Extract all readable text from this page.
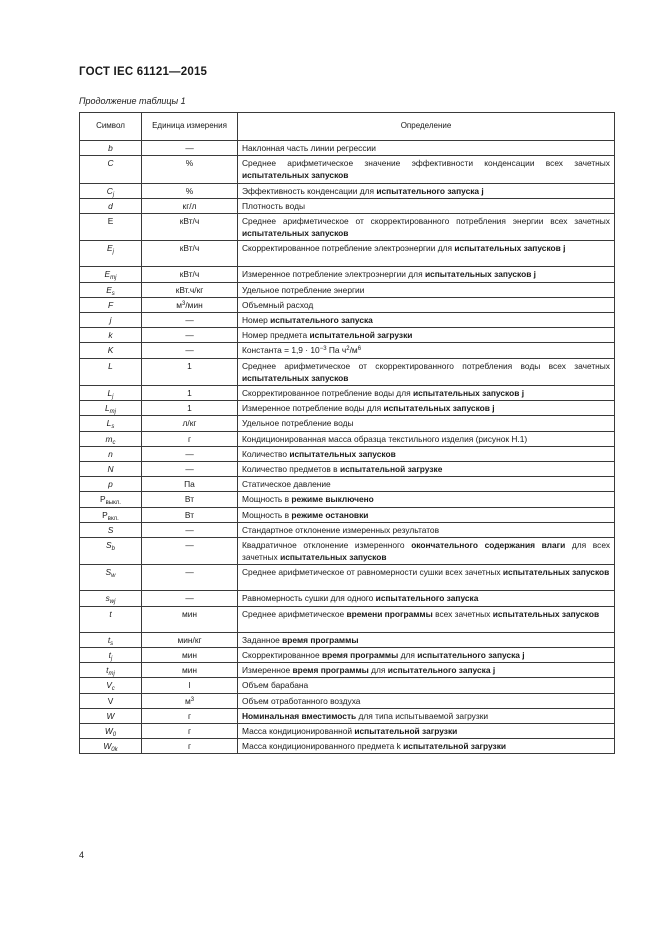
ГОСТ IEC 61121—2015
Продолжение таблицы 1
Символ	Единица измерения	Определение
b	—	Наклонная часть линии регрессии
C	%	Среднее арифметическое значение эффективности конденсации всех зачетных испытательных запусков
$C_j$	%	Эффективность конденсации для испытательного запуска j
d	кг/л	Плотность воды
E	кВт/ч	Среднее арифметическое от скорректированного потребления энергии всех зачетных испытательных запусков
$E_j$	кВт/ч	Скорректированное потребление электроэнергии для испытательных запусков j
$E_{mj}$	кВт/ч	Измеренное потребление электроэнергии для испытательных запусков j
$E_s$	кВт.ч/кг	Удельное потребление энергии
F	$м^3$/мин	Объемный расход
j	—	Номер испытательного запуска
k	—	Номер предмета испытательной загрузки
K	—	Константа = $1,9 \cdot 10^{-3}$ Па $ч^2/м^6$
L	1	Среднее арифметическое от скорректированного потребления воды всех зачетных испытательных запусков
$L_j$	1	Скорректированное потребление воды для испытательных запусков j
$L_{mj}$	1	Измеренное потребление воды для испытательных запусков j
$L_s$	л/кг	Удельное потребление воды
$m_c$	г	Кондиционированная масса образца текстильного изделия (рисунок Н.1)
n	—	Количество испытательных запусков
N	—	Количество предметов в испытательной загрузке
p	Па	Статическое давление
$P_{выкл.}$	Вт	Мощность в режиме выключено
$P_{вкл.}$	Вт	Мощность в режиме остановки
S	—	Стандартное отклонение измеренных результатов
$S_b$	—	Квадратичное отклонение измеренного окончательного содержания влаги для всех зачетных испытательных запусков
$S_w$	—	Среднее арифметическое от равномерности сушки всех зачетных испытательных запусков
$s_{wj}$	—	Равномерность сушки для одного испытательного запуска
t	мин	Среднее арифметическое времени программы всех зачетных испытательных запусков
$t_s$	мин/кг	Заданное время программы
$t_j$	мин	Скорректированное время программы для испытательного запуска j
$t_{mj}$	мин	Измеренное время программы для испытательного запуска j
$V_c$	l	Объем барабана
V	$м^3$	Объем отработанного воздуха
W	г	Номинальная вместимость для типа испытываемой загрузки
$W_0$	г	Масса кондиционированной испытательной загрузки
$W_{0k}$	г	Масса кондиционированного предмета k испытательной загрузки
4
